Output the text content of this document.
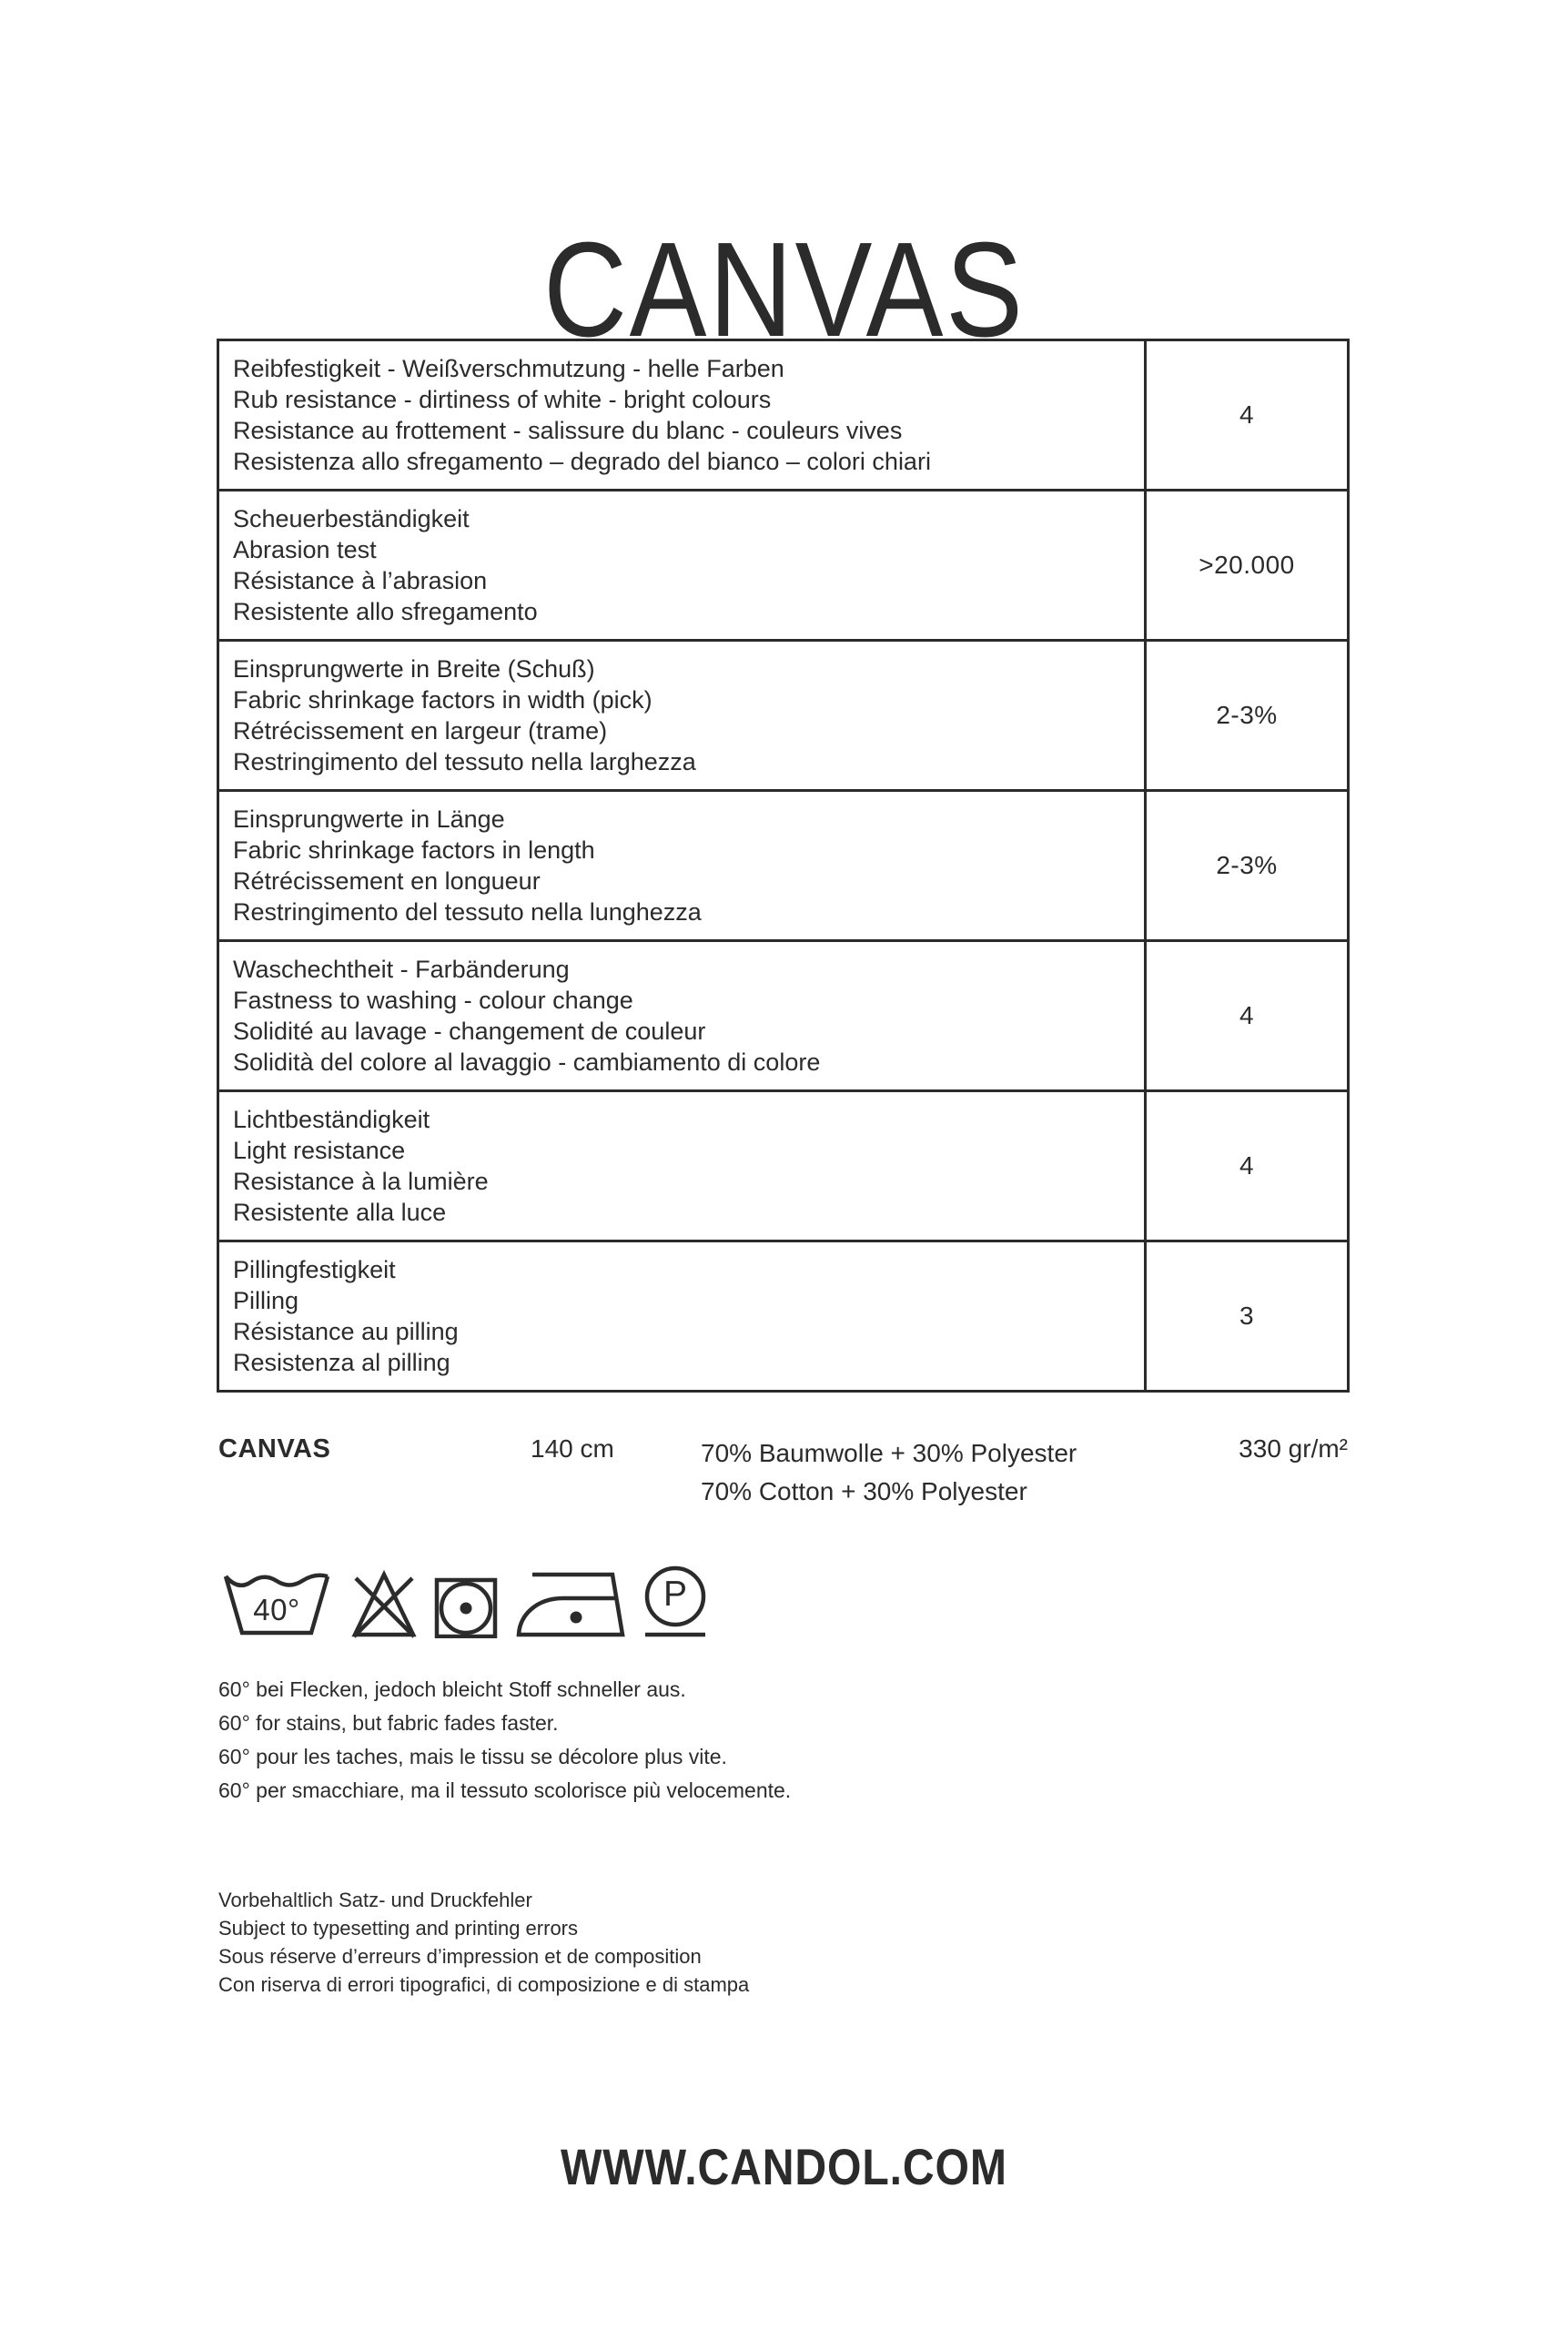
CANVAS
Reibfestigkeit - Weißverschmutzung - helle Farben
Rub resistance - dirtiness of white - bright colours
Resistance au frottement - salissure du blanc - couleurs vives
Resistenza allo sfregamento – degrado del bianco – colori chiari	4

Scheuerbeständigkeit
Abrasion test
Résistance à l’abrasion
Resistente allo sfregamento	>20.000

Einsprungwerte in Breite (Schuß)
Fabric shrinkage factors in width (pick)
Rétrécissement en largeur (trame)
Restringimento del tessuto nella larghezza	2-3%

Einsprungwerte in Länge
Fabric shrinkage factors in length
Rétrécissement en longueur
Restringimento del tessuto nella lunghezza	2-3%

Waschechtheit - Farbänderung
Fastness to washing - colour change
Solidité au lavage - changement de couleur
Solidità del colore al lavaggio - cambiamento di colore	4

Lichtbeständigkeit
Light resistance
Resistance à la lumière
Resistente alla luce	4

Pillingfestigkeit
Pilling
Résistance au pilling
Resistenza al pilling	3
CANVAS	140 cm	70% Baumwolle + 30% Polyester
70% Cotton + 30% Polyester
330 gr/m²
40°	P
60° bei Flecken, jedoch bleicht Stoff schneller aus.
60° for stains, but fabric fades faster.
60° pour les taches, mais le tissu se décolore plus vite.
60° per smacchiare, ma il tessuto scolorisce più velocemente.
Vorbehaltlich Satz- und Druckfehler
Subject to typesetting and printing errors
Sous réserve d’erreurs d’impression et de composition
Con riserva di errori tipografici, di composizione e di stampa
WWW.CANDOL.COM
